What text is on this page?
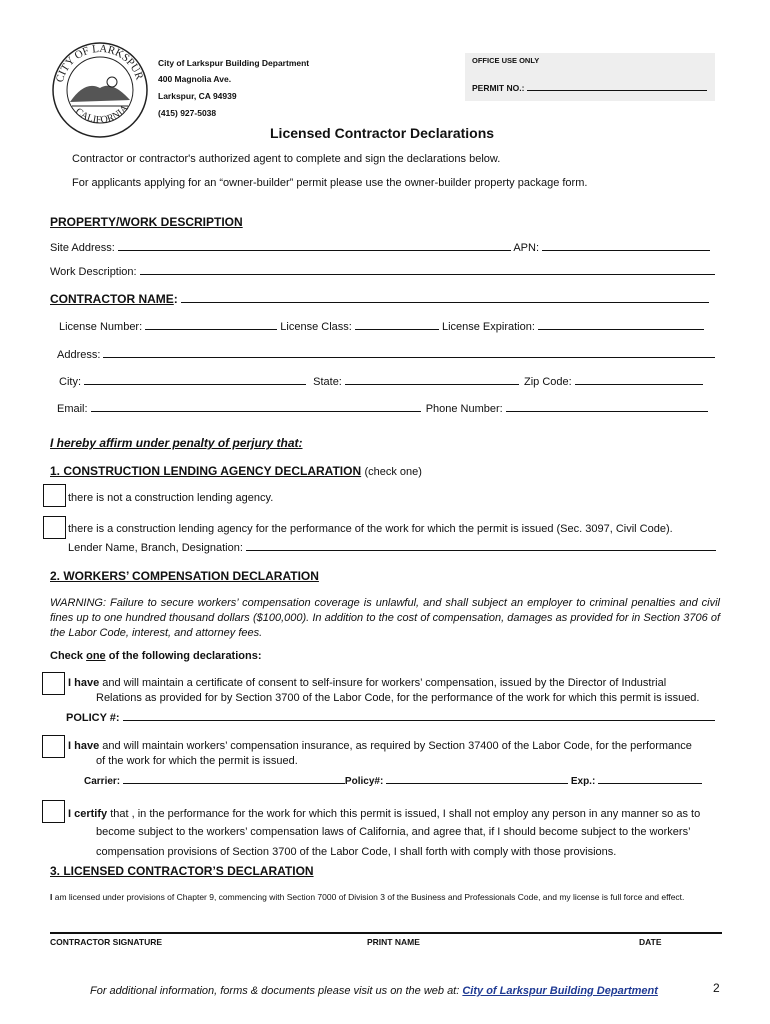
CITY OF LARKSPUR
CALIFORNIA
City of Larkspur Building Department
400 Magnolia Ave.
Larkspur, CA 94939
(415) 927-5038
OFFICE USE ONLY
PERMIT NO.:
Licensed Contractor Declarations
Contractor or contractor's authorized agent to complete and sign the declarations below.
For applicants applying for an “owner-builder” permit please use the owner-builder property package form.
PROPERTY/WORK DESCRIPTION
Site Address:	APN:
Work Description:
CONTRACTOR NAME:
License Number:	License Class:	License Expiration:
Address:
City:	State:	Zip Code:
Email:	Phone Number:
I hereby affirm under penalty of perjury that:
1. CONSTRUCTION LENDING AGENCY DECLARATION (check one)
there is not a construction lending agency.
there is a construction lending agency for the performance of the work for which the permit is issued (Sec. 3097, Civil Code).
Lender Name, Branch, Designation:
2. WORKERS’ COMPENSATION DECLARATION
WARNING: Failure to secure workers’ compensation coverage is unlawful, and shall subject an employer to criminal penalties and civil fines up to one hundred thousand dollars ($100,000). In addition to the cost of compensation, damages as provided for in Section 3706 of the Labor Code, interest, and attorney fees.
Check one of the following declarations:
I have and will maintain a certificate of consent to self-insure for workers’ compensation, issued by the Director of Industrial
Relations as provided for by Section 3700 of the Labor Code, for the performance of the work for which this permit is issued.
POLICY #:
I have and will maintain workers’ compensation insurance, as required by Section 37400 of the Labor Code, for the performance
of the work for which the permit is issued.
Carrier:	Policy#:	Exp.:
I certify that , in the performance for the work for which this permit is issued, I shall not employ any person in any manner so as to
become subject to the workers’ compensation laws of California, and agree that, if I should become subject to the workers’
compensation provisions of Section 3700 of the Labor Code, I shall forth with comply with those provisions.
3. LICENSED CONTRACTOR’S DECLARATION
I am licensed under provisions of Chapter 9, commencing with Section 7000 of Division 3 of the Business and Professionals Code, and my license is full force and effect.
CONTRACTOR SIGNATURE	PRINT NAME	DATE
For additional information, forms & documents please visit us on the web at: City of Larkspur Building Department	2
